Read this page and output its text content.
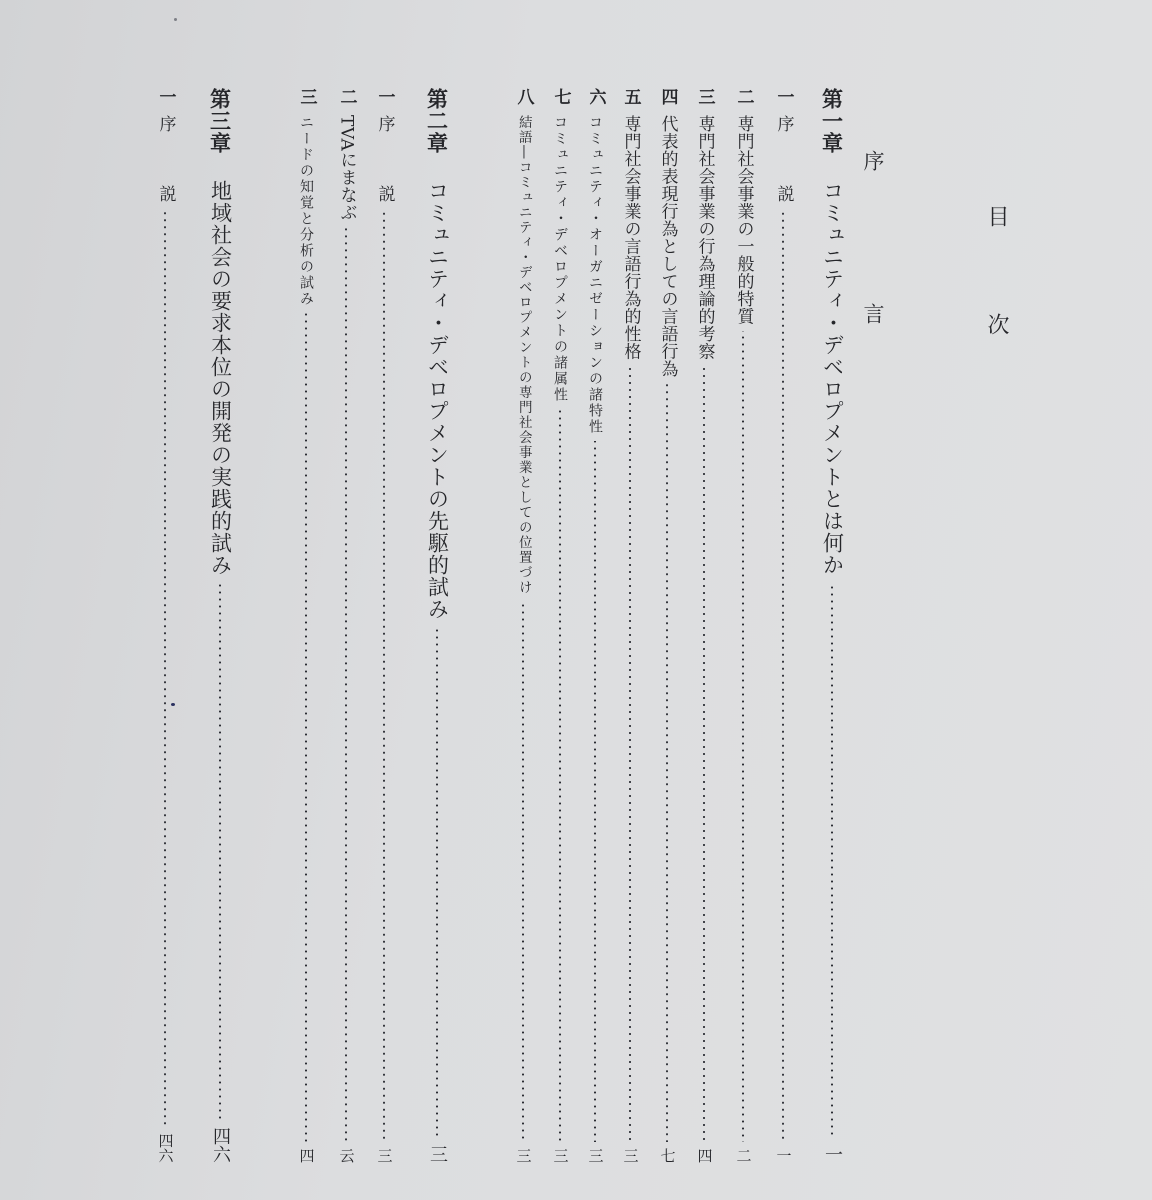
目　次
序　　言
第一章
コミュニティ・デベロプメントとは何か
一
一
序　　　説
一
二
専門社会事業の一般的特質
二
三
専門社会事業の行為理論的考察
四
四
代表的表現行為としての言語行為
七
五
専門社会事業の言語行為的性格
三
六
コミュニティ・オーガニゼーションの諸特性
三
七
コミュニティ・デベロプメントの諸属性
三
八
結語―コミュニティ・デベロプメントの専門社会事業としての位置づけ
三
第二章
コミュニティ・デベロプメントの先駆的試み
三
一
序　　　説
三
二
TVAにまなぶ
云
三
ニードの知覚と分析の試み
四
第三章
地域社会の要求本位の開発の実践的試み
四六
一
序　　　説
四六
